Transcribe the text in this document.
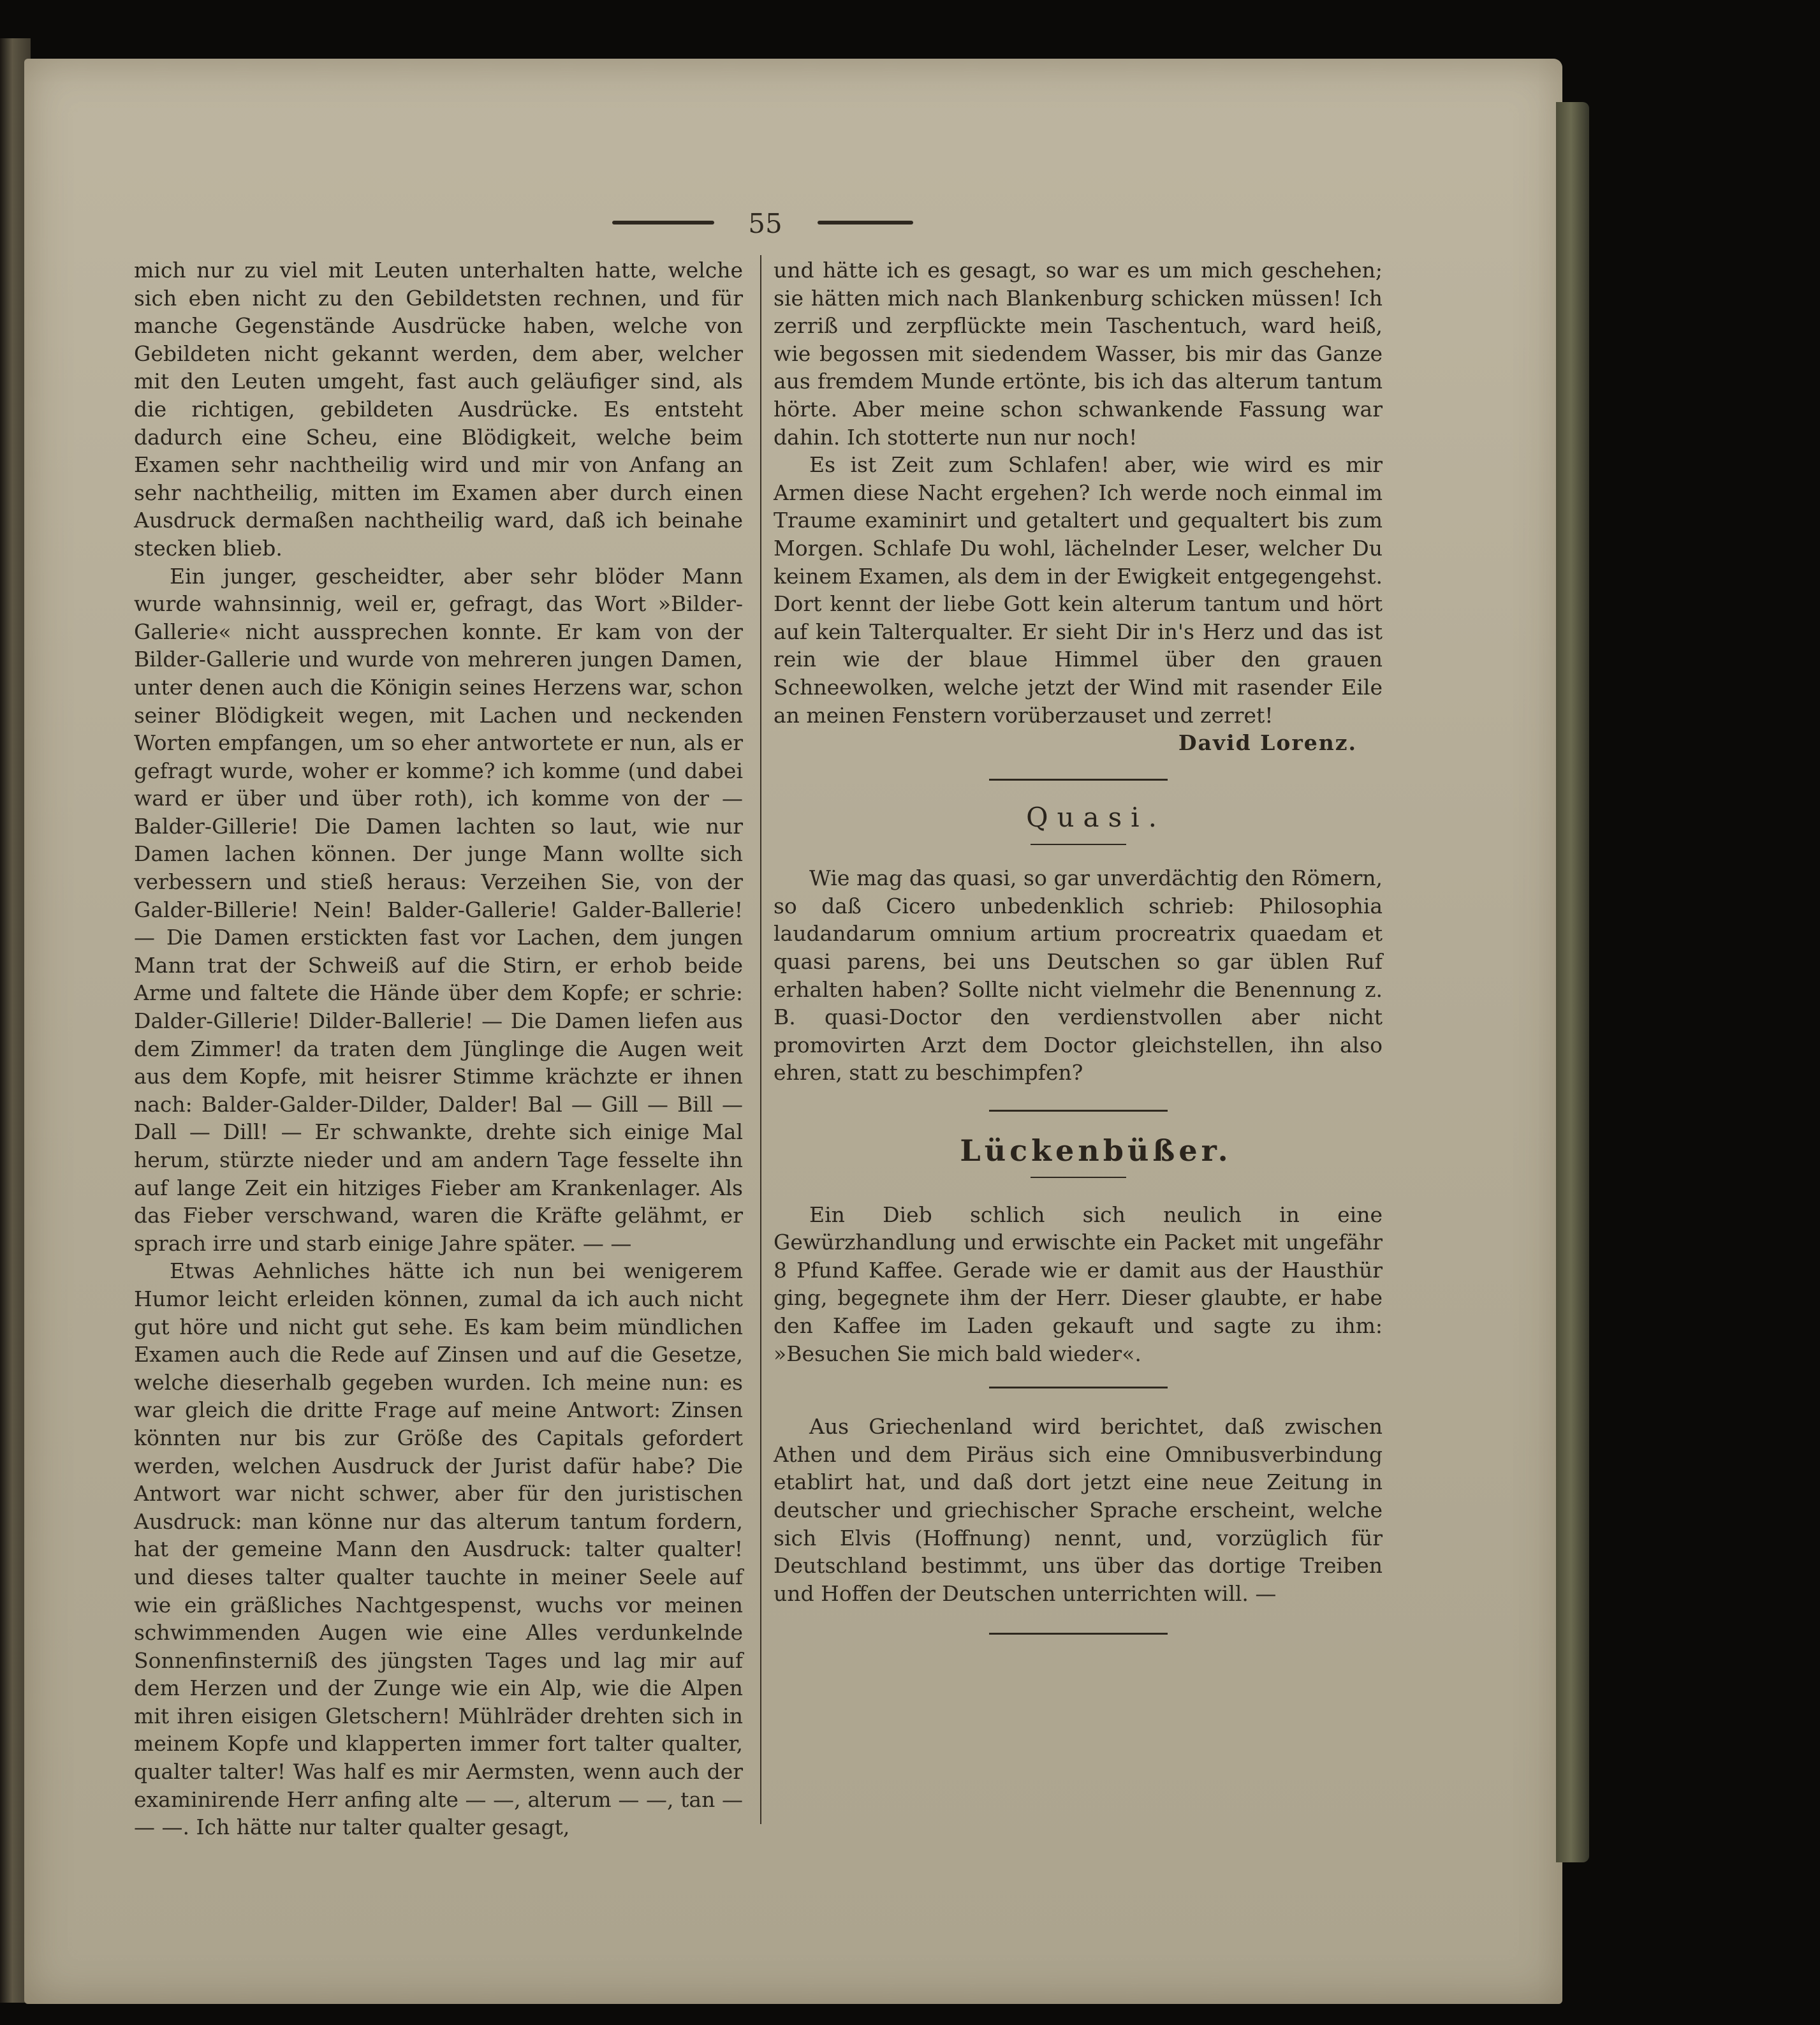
55

mich nur zu viel mit Leuten unterhalten hatte, welche sich eben nicht zu den Gebildetsten rechnen, und für manche Gegenstände Ausdrücke haben, welche von Gebildeten nicht gekannt werden, dem aber, welcher mit den Leuten umgeht, fast auch geläufiger sind, als die richtigen, gebildeten Ausdrücke. Es entsteht dadurch eine Scheu, eine Blödigkeit, welche beim Examen sehr nachtheilig wird und mir von Anfang an sehr nachtheilig, mitten im Examen aber durch einen Ausdruck dermaßen nachtheilig ward, daß ich beinahe stecken blieb.

Ein junger, gescheidter, aber sehr blöder Mann wurde wahnsinnig, weil er, gefragt, das Wort »Bilder-Gallerie« nicht aussprechen konnte. Er kam von der Bilder-Gallerie und wurde von mehreren jungen Damen, unter denen auch die Königin seines Herzens war, schon seiner Blödigkeit wegen, mit Lachen und neckenden Worten empfangen, um so eher antwortete er nun, als er gefragt wurde, woher er komme? ich komme (und dabei ward er über und über roth), ich komme von der — Balder-Gillerie! Die Damen lachten so laut, wie nur Damen lachen können. Der junge Mann wollte sich verbessern und stieß heraus: Verzeihen Sie, von der Galder-Billerie! Nein! Balder-Gallerie! Galder-Ballerie! — Die Damen erstickten fast vor Lachen, dem jungen Mann trat der Schweiß auf die Stirn, er erhob beide Arme und faltete die Hände über dem Kopfe; er schrie: Dalder-Gillerie! Dilder-Ballerie! — Die Damen liefen aus dem Zimmer! da traten dem Jünglinge die Augen weit aus dem Kopfe, mit heisrer Stimme krächzte er ihnen nach: Balder-Galder-Dilder, Dalder! Bal — Gill — Bill — Dall — Dill! — Er schwankte, drehte sich einige Mal herum, stürzte nieder und am andern Tage fesselte ihn auf lange Zeit ein hitziges Fieber am Krankenlager. Als das Fieber verschwand, waren die Kräfte gelähmt, er sprach irre und starb einige Jahre später. — —

Etwas Aehnliches hätte ich nun bei wenigerem Humor leicht erleiden können, zumal da ich auch nicht gut höre und nicht gut sehe. Es kam beim mündlichen Examen auch die Rede auf Zinsen und auf die Gesetze, welche dieserhalb gegeben wurden. Ich meine nun: es war gleich die dritte Frage auf meine Antwort: Zinsen könnten nur bis zur Größe des Capitals gefordert werden, welchen Ausdruck der Jurist dafür habe? Die Antwort war nicht schwer, aber für den juristischen Ausdruck: man könne nur das alterum tantum fordern, hat der gemeine Mann den Ausdruck: talter qualter! und dieses talter qualter tauchte in meiner Seele auf wie ein gräßliches Nachtgespenst, wuchs vor meinen schwimmenden Augen wie eine Alles verdunkelnde Sonnenfinsterniß des jüngsten Tages und lag mir auf dem Herzen und der Zunge wie ein Alp, wie die Alpen mit ihren eisigen Gletschern! Mühlräder drehten sich in meinem Kopfe und klapperten immer fort talter qualter, qualter talter! Was half es mir Aermsten, wenn auch der examinirende Herr anfing alte — —, alterum — —, tan — — —. Ich hätte nur talter qualter gesagt,

und hätte ich es gesagt, so war es um mich geschehen; sie hätten mich nach Blankenburg schicken müssen! Ich zerriß und zerpflückte mein Taschentuch, ward heiß, wie begossen mit siedendem Wasser, bis mir das Ganze aus fremdem Munde ertönte, bis ich das alterum tantum hörte. Aber meine schon schwankende Fassung war dahin. Ich stotterte nun nur noch!

Es ist Zeit zum Schlafen! aber, wie wird es mir Armen diese Nacht ergehen? Ich werde noch einmal im Traume examinirt und getaltert und gequaltert bis zum Morgen. Schlafe Du wohl, lächelnder Leser, welcher Du keinem Examen, als dem in der Ewigkeit entgegengehst. Dort kennt der liebe Gott kein alterum tantum und hört auf kein Talterqualter. Er sieht Dir in's Herz und das ist rein wie der blaue Himmel über den grauen Schneewolken, welche jetzt der Wind mit rasender Eile an meinen Fenstern vorüberzauset und zerret!

David Lorenz.

Quasi.

Wie mag das quasi, so gar unverdächtig den Römern, so daß Cicero unbedenklich schrieb: Philosophia laudandarum omnium artium procreatrix quaedam et quasi parens, bei uns Deutschen so gar üblen Ruf erhalten haben? Sollte nicht vielmehr die Benennung z. B. quasi-Doctor den verdienstvollen aber nicht promovirten Arzt dem Doctor gleichstellen, ihn also ehren, statt zu beschimpfen?

Lückenbüßer.

Ein Dieb schlich sich neulich in eine Gewürzhandlung und erwischte ein Packet mit ungefähr 8 Pfund Kaffee. Gerade wie er damit aus der Hausthür ging, begegnete ihm der Herr. Dieser glaubte, er habe den Kaffee im Laden gekauft und sagte zu ihm: »Besuchen Sie mich bald wieder«.

Aus Griechenland wird berichtet, daß zwischen Athen und dem Piräus sich eine Omnibusverbindung etablirt hat, und daß dort jetzt eine neue Zeitung in deutscher und griechischer Sprache erscheint, welche sich Elvis (Hoffnung) nennt, und, vorzüglich für Deutschland bestimmt, uns über das dortige Treiben und Hoffen der Deutschen unterrichten will. —
